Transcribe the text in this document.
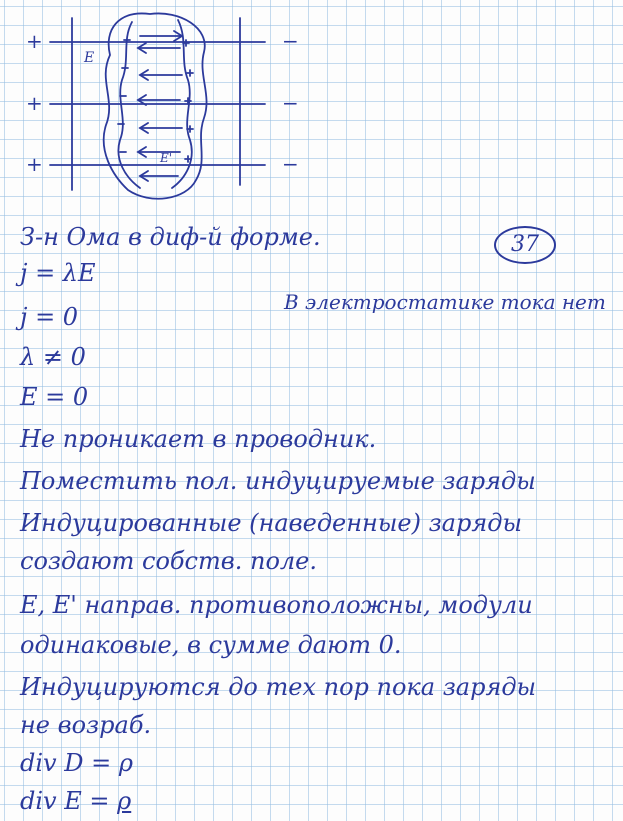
+
+
+
−
−
−
E
E'
З-н Ома в диф-й форме.	37
j = λE
В электростатике тока нет
j = 0
λ ≠ 0
E = 0
Не проникает в проводник.
Поместить пол. индуцируемые заряды
Индуцированные (наведенные) заряды
создают собств. поле.
E, E' направ. противоположны, модули
одинаковые, в сумме дают 0.
Индуцируются до тех пор пока заряды
не возраб.
div D = ρ
div E = ρ
